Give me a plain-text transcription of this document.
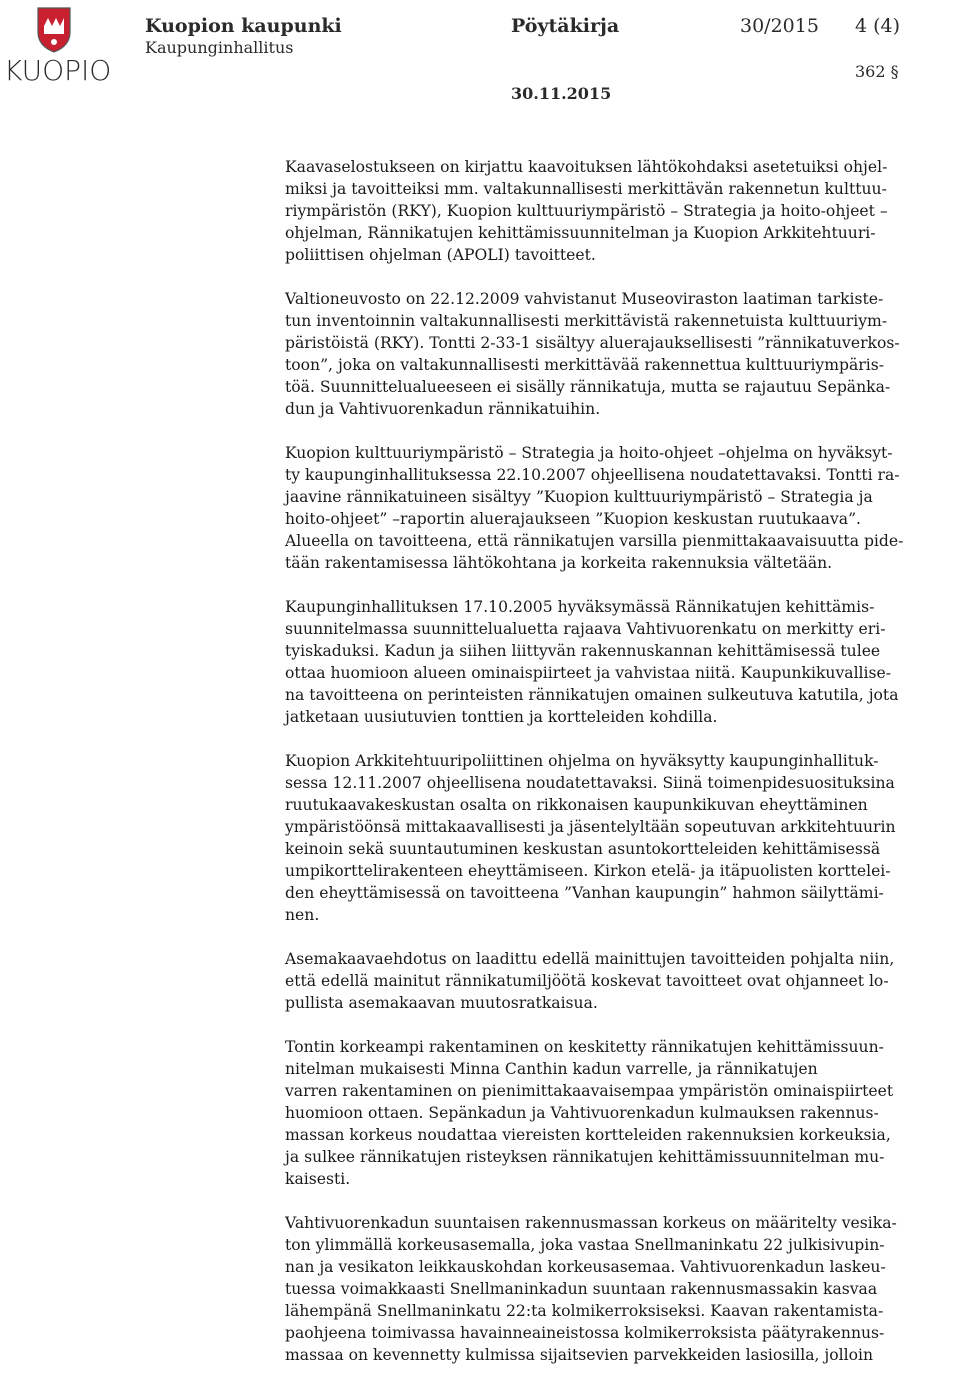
KUOPIO
Kuopion kaupunki
Kaupunginhallitus
Pöytäkirja	30/2015 4 (4)
362 §
30.11.2015

Kaavaselostukseen on kirjattu kaavoituksen lähtökohdaksi asetetuiksi ohjel-
miksi ja tavoitteiksi mm. valtakunnallisesti merkittävän rakennetun kulttuu-
riympäristön (RKY), Kuopion kulttuuriympäristö – Strategia ja hoito-ohjeet –
ohjelman, Rännikatujen kehittämissuunnitelman ja Kuopion Arkkitehtuuri-
poliittisen ohjelman (APOLI) tavoitteet.

Valtioneuvosto on 22.12.2009 vahvistanut Museoviraston laatiman tarkiste-
tun inventoinnin valtakunnallisesti merkittävistä rakennetuista kulttuuriym-
päristöistä (RKY). Tontti 2-33-1 sisältyy aluerajauksellisesti ”rännikatuverkos-
toon”, joka on valtakunnallisesti merkittävää rakennettua kulttuuriympäris-
töä. Suunnittelualueeseen ei sisälly rännikatuja, mutta se rajautuu Sepänka-
dun ja Vahtivuorenkadun rännikatuihin.

Kuopion kulttuuriympäristö – Strategia ja hoito-ohjeet –ohjelma on hyväksyt-
ty kaupunginhallituksessa 22.10.2007 ohjeellisena noudatettavaksi. Tontti ra-
jaavine rännikatuineen sisältyy ”Kuopion kulttuuriympäristö – Strategia ja
hoito-ohjeet” –raportin aluerajaukseen ”Kuopion keskustan ruutukaava”.
Alueella on tavoitteena, että rännikatujen varsilla pienmittakaavaisuutta pide-
tään rakentamisessa lähtökohtana ja korkeita rakennuksia vältetään.

Kaupunginhallituksen 17.10.2005 hyväksymässä Rännikatujen kehittämis-
suunnitelmassa suunnittelualuetta rajaava Vahtivuorenkatu on merkitty eri-
tyiskaduksi. Kadun ja siihen liittyvän rakennuskannan kehittämisessä tulee
ottaa huomioon alueen ominaispiirteet ja vahvistaa niitä. Kaupunkikuvallise-
na tavoitteena on perinteisten rännikatujen omainen sulkeutuva katutila, jota
jatketaan uusiutuvien tonttien ja kortteleiden kohdilla.

Kuopion Arkkitehtuuripoliittinen ohjelma on hyväksytty kaupunginhallituk-
sessa 12.11.2007 ohjeellisena noudatettavaksi. Siinä toimenpidesuosituksina
ruutukaavakeskustan osalta on rikkonaisen kaupunkikuvan eheyttäminen
ympäristöönsä mittakaavallisesti ja jäsentelyltään sopeutuvan arkkitehtuurin
keinoin sekä suuntautuminen keskustan asuntokortteleiden kehittämisessä
umpikorttelirakenteen eheyttämiseen. Kirkon etelä- ja itäpuolisten korttelei-
den eheyttämisessä on tavoitteena ”Vanhan kaupungin” hahmon säilyttämi-
nen.

Asemakaavaehdotus on laadittu edellä mainittujen tavoitteiden pohjalta niin,
että edellä mainitut rännikatumiljöötä koskevat tavoitteet ovat ohjanneet lo-
pullista asemakaavan muutosratkaisua.

Tontin korkeampi rakentaminen on keskitetty rännikatujen kehittämissuun-
nitelman mukaisesti Minna Canthin kadun varrelle, ja rännikatujen
varren rakentaminen on pienimittakaavaisempaa ympäristön ominaispiirteet
huomioon ottaen. Sepänkadun ja Vahtivuorenkadun kulmauksen rakennus-
massan korkeus noudattaa viereisten kortteleiden rakennuksien korkeuksia,
ja sulkee rännikatujen risteyksen rännikatujen kehittämissuunnitelman mu-
kaisesti.

Vahtivuorenkadun suuntaisen rakennusmassan korkeus on määritelty vesika-
ton ylimmällä korkeusasemalla, joka vastaa Snellmaninkatu 22 julkisivupin-
nan ja vesikaton leikkauskohdan korkeusasemaa. Vahtivuorenkadun laskeu-
tuessa voimakkaasti Snellmaninkadun suuntaan rakennusmassakin kasvaa
lähempänä Snellmaninkatu 22:ta kolmikerroksiseksi. Kaavan rakentamista-
paohjeena toimivassa havainneaineistossa kolmikerroksista päätyrakennus-
massaa on kevennetty kulmissa sijaitsevien parvekkeiden lasiosilla, jolloin
